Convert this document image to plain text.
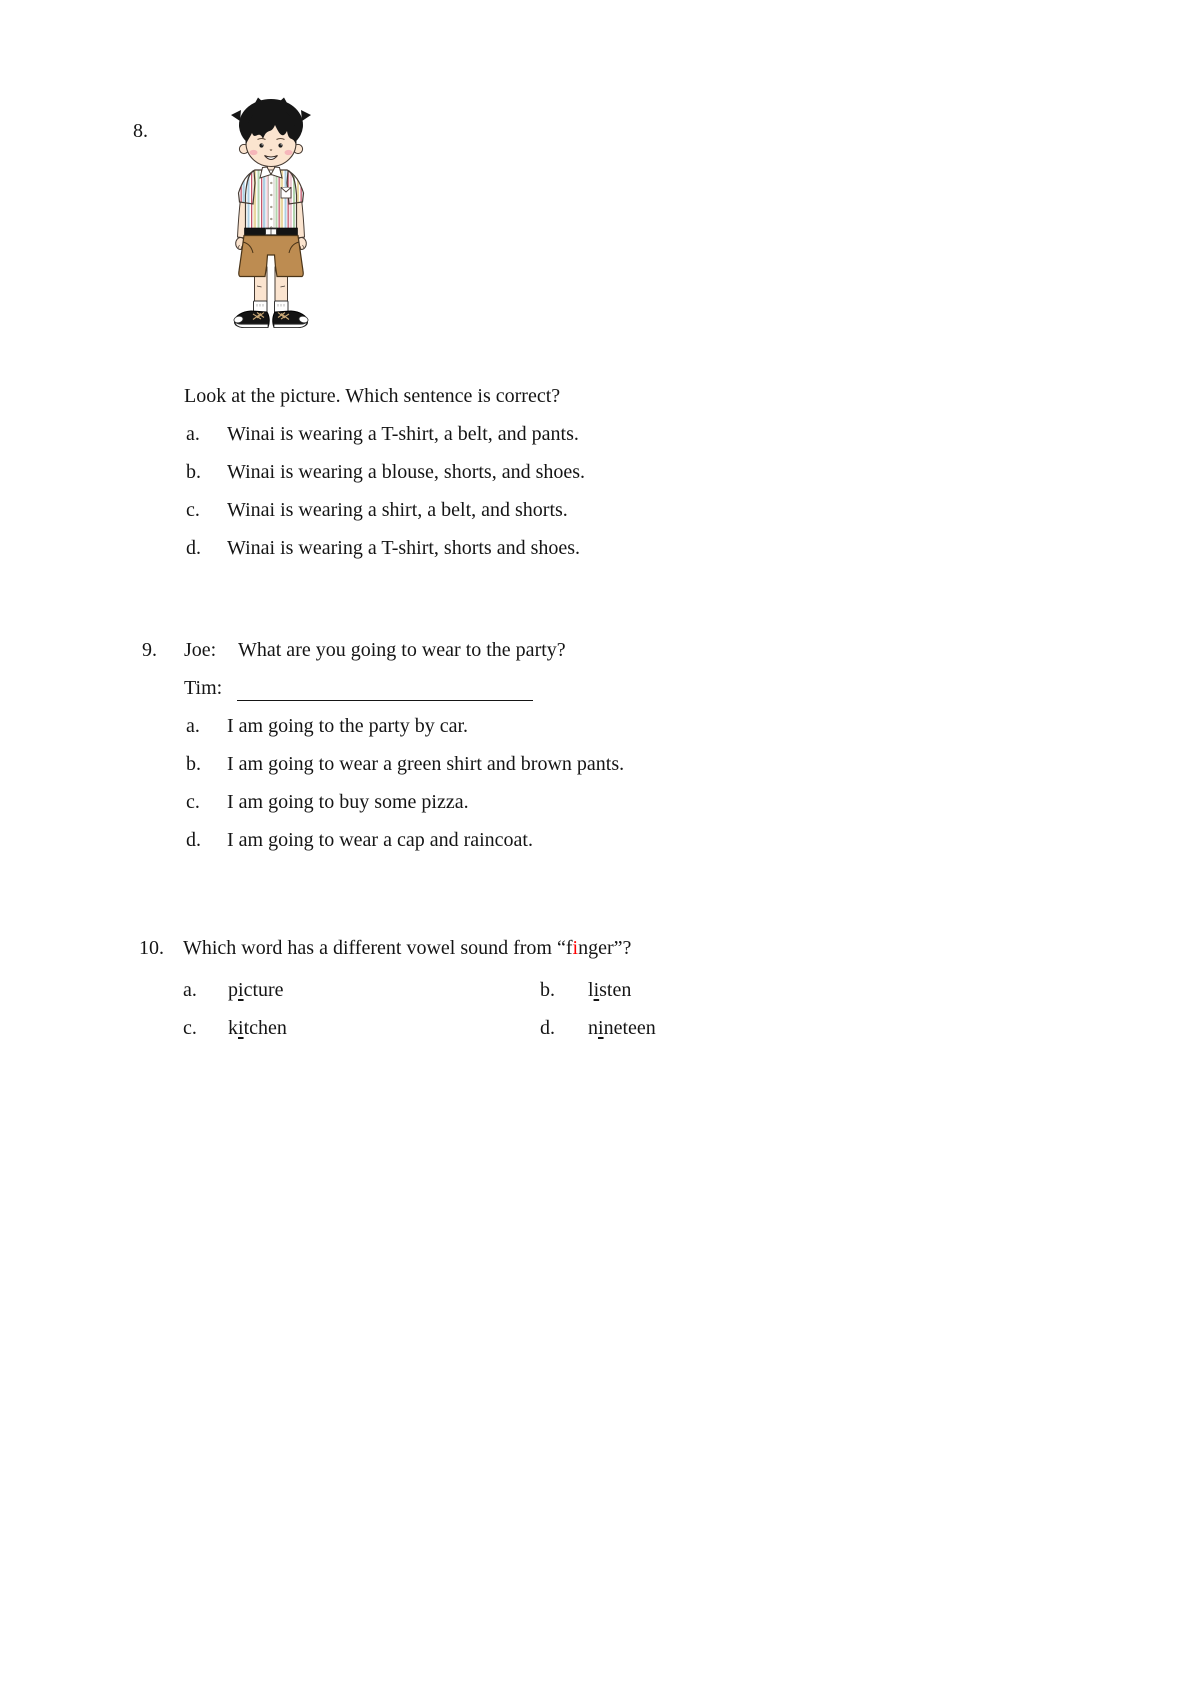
8.
Look at the picture. Which sentence is correct?
a. Winai is wearing a T-shirt, a belt, and pants.
b. Winai is wearing a blouse, shorts, and shoes.
c. Winai is wearing a shirt, a belt, and shorts.
d. Winai is wearing a T-shirt, shorts and shoes.
9. Joe: What are you going to wear to the party?
Tim:
a. I am going to the party by car.
b. I am going to wear a green shirt and brown pants.
c. I am going to buy some pizza.
d. I am going to wear a cap and raincoat.
10. Which word has a different vowel sound from “finger”?
a. picture	b. listen
c. kitchen	d. nineteen
